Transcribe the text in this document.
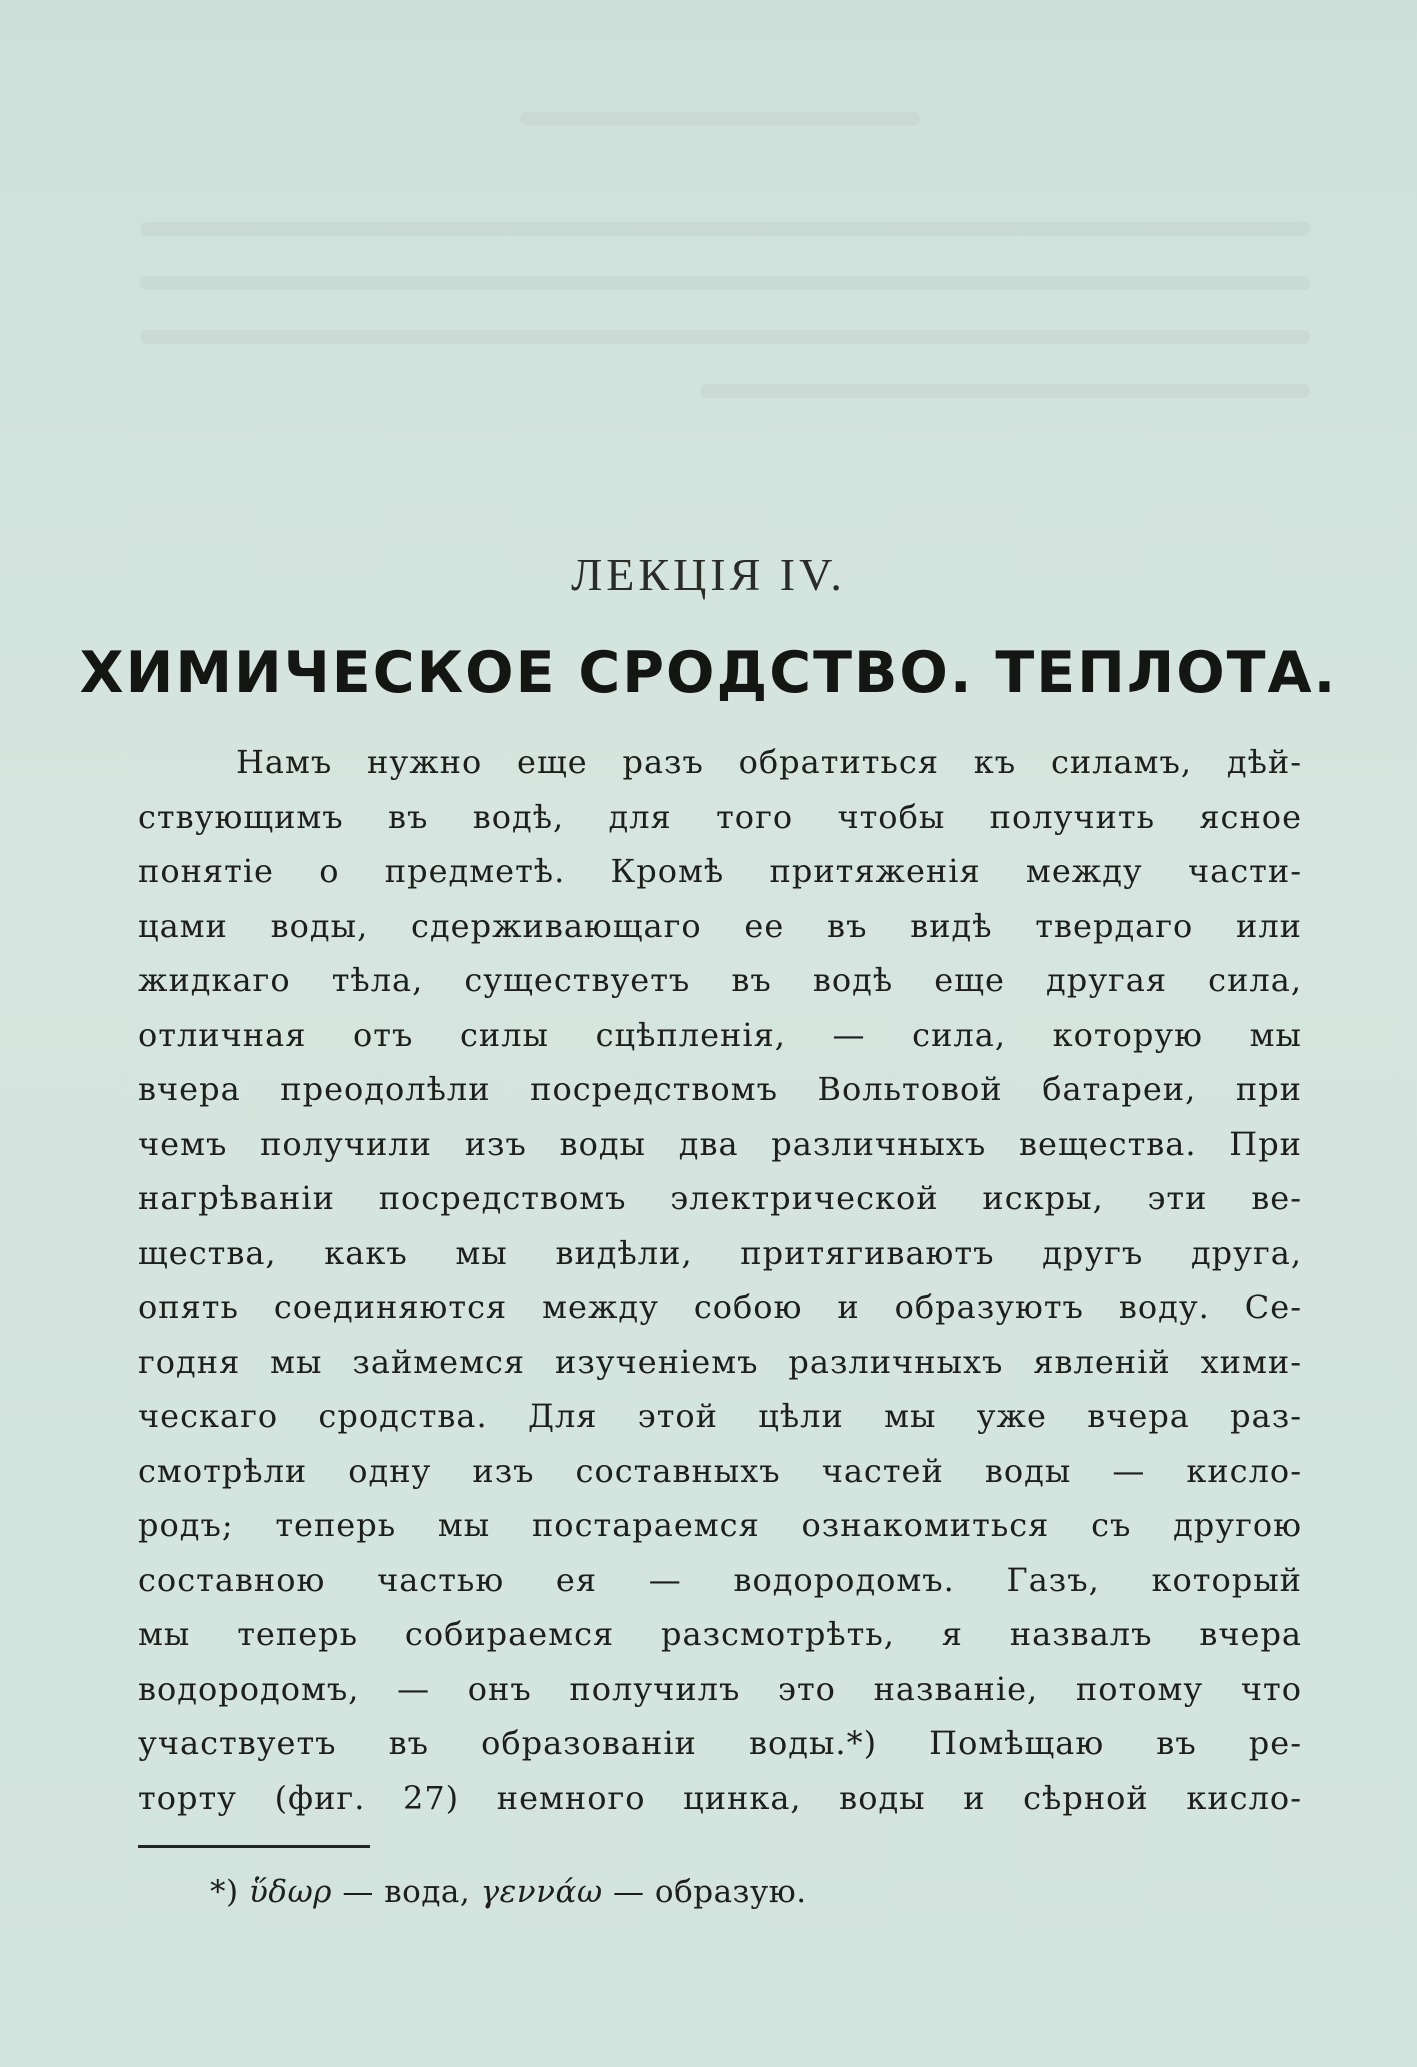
ЛЕКЦІЯ IV.
ХИМИЧЕСКОЕ СРОДСТВО. ТЕПЛОТА.
Намъ нужно еще разъ обратиться къ силамъ, дѣй-
ствующимъ въ водѣ, для того чтобы получить ясное
понятіе о предметѣ. Кромѣ притяженія между части-
цами воды, сдерживающаго ее въ видѣ твердаго или
жидкаго тѣла, существуетъ въ водѣ еще другая сила,
отличная отъ силы сцѣпленія, — сила, которую мы
вчера преодолѣли посредствомъ Вольтовой батареи, при
чемъ получили изъ воды два различныхъ вещества. При
нагрѣваніи посредствомъ электрической искры, эти ве-
щества, какъ мы видѣли, притягиваютъ другъ друга,
опять соединяются между собою и образуютъ воду. Се-
годня мы займемся изученіемъ различныхъ явленій хими-
ческаго сродства. Для этой цѣли мы уже вчера раз-
смотрѣли одну изъ составныхъ частей воды — кисло-
родъ; теперь мы постараемся ознакомиться съ другою
составною частью ея — водородомъ. Газъ, который
мы теперь собираемся разсмотрѣть, я назвалъ вчера
водородомъ, — онъ получилъ это названіе, потому что
участвуетъ въ образованіи воды.*) Помѣщаю въ ре-
торту (фиг. 27) немного цинка, воды и сѣрной кисло-
*) ὕδωρ — вода, γεννάω — образую.
